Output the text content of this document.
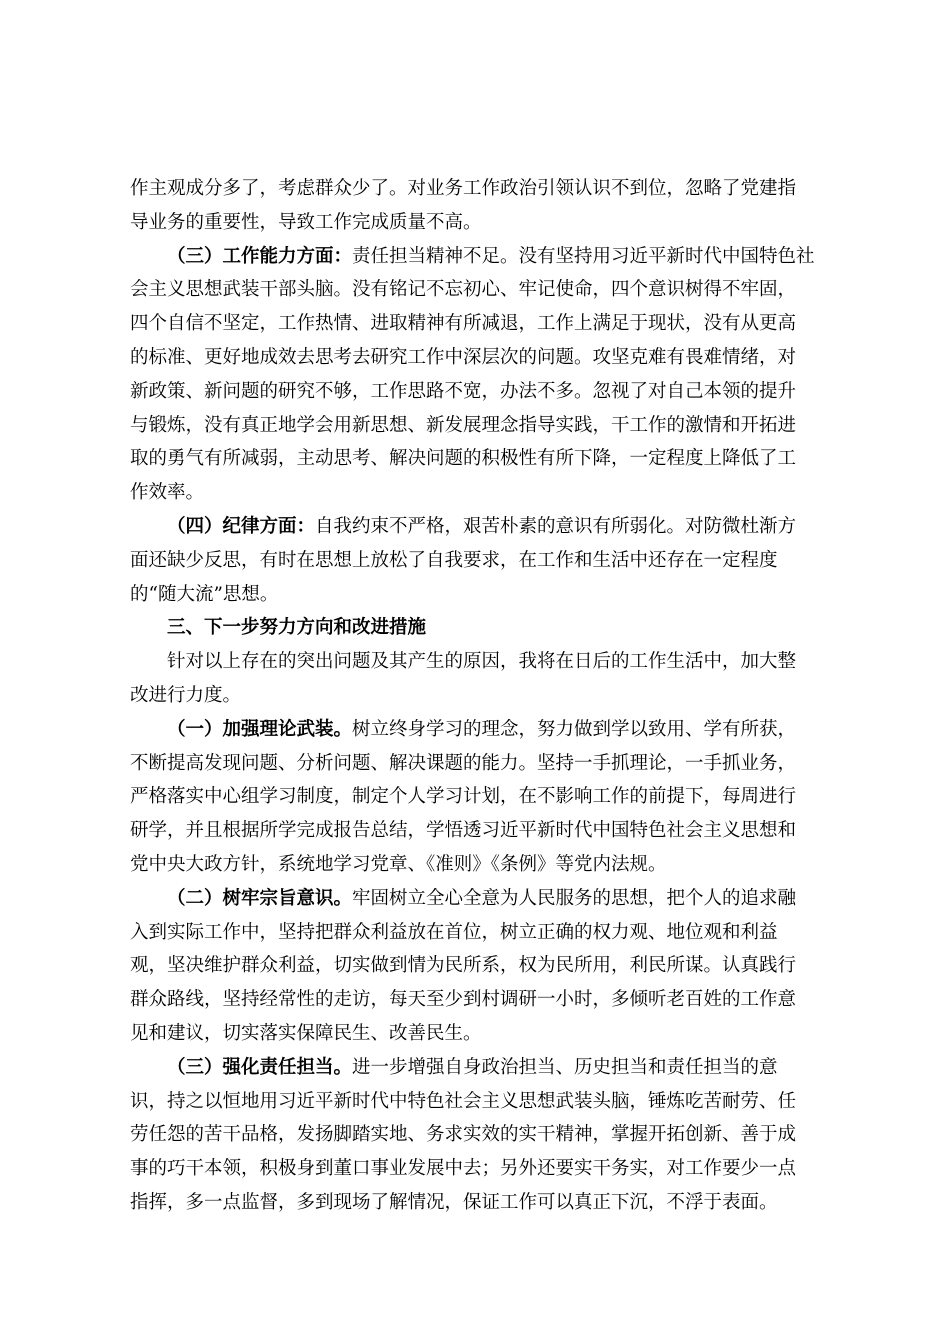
作主观成分多了，考虑群众少了。对业务工作政治引领认识不到位，忽略了党建指
导业务的重要性，导致工作完成质量不高。
（三）工作能力方面：责任担当精神不足。没有坚持用习近平新时代中国特色社
会主义思想武装干部头脑。没有铭记不忘初心、牢记使命，四个意识树得不牢固，
四个自信不坚定，工作热情、进取精神有所减退，工作上满足于现状，没有从更高
的标准、更好地成效去思考去研究工作中深层次的问题。攻坚克难有畏难情绪，对
新政策、新问题的研究不够，工作思路不宽，办法不多。忽视了对自己本领的提升
与锻炼，没有真正地学会用新思想、新发展理念指导实践，干工作的激情和开拓进
取的勇气有所减弱，主动思考、解决问题的积极性有所下降，一定程度上降低了工
作效率。
（四）纪律方面：自我约束不严格，艰苦朴素的意识有所弱化。对防微杜渐方
面还缺少反思，有时在思想上放松了自我要求，在工作和生活中还存在一定程度
的“随大流”思想。
三、下一步努力方向和改进措施
针对以上存在的突出问题及其产生的原因，我将在日后的工作生活中，加大整
改进行力度。
（一）加强理论武装。树立终身学习的理念，努力做到学以致用、学有所获，
不断提高发现问题、分析问题、解决课题的能力。坚持一手抓理论，一手抓业务，
严格落实中心组学习制度，制定个人学习计划，在不影响工作的前提下，每周进行
研学，并且根据所学完成报告总结，学悟透习近平新时代中国特色社会主义思想和
党中央大政方针，系统地学习党章、《准则》《条例》等党内法规。
（二）树牢宗旨意识。牢固树立全心全意为人民服务的思想，把个人的追求融
入到实际工作中，坚持把群众利益放在首位，树立正确的权力观、地位观和利益
观，坚决维护群众利益，切实做到情为民所系，权为民所用，利民所谋。认真践行
群众路线，坚持经常性的走访，每天至少到村调研一小时，多倾听老百姓的工作意
见和建议，切实落实保障民生、改善民生。
（三）强化责任担当。进一步增强自身政治担当、历史担当和责任担当的意
识，持之以恒地用习近平新时代中特色社会主义思想武装头脑，锤炼吃苦耐劳、任
劳任怨的苦干品格，发扬脚踏实地、务求实效的实干精神，掌握开拓创新、善于成
事的巧干本领，积极身到董口事业发展中去；另外还要实干务实，对工作要少一点
指挥，多一点监督，多到现场了解情况，保证工作可以真正下沉，不浮于表面。
